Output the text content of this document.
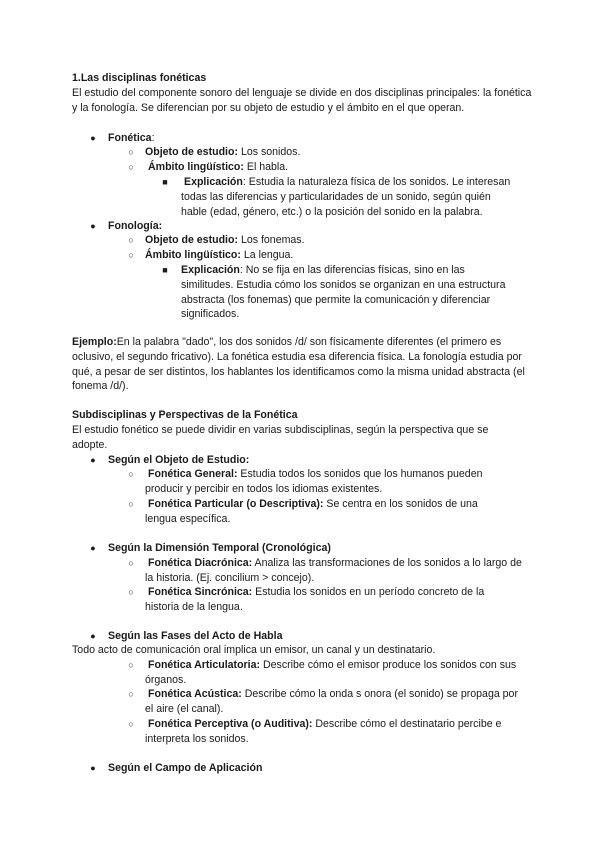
1.Las disciplinas fonéticas
El estudio del componente sonoro del lenguaje se divide en dos disciplinas principales: la fonética y la fonología. Se diferencian por su objeto de estudio y el ámbito en el que operan.
● Fonética:
○ Objeto de estudio: Los sonidos.
○ Ámbito lingüístico: El habla.
■ Explicación: Estudia la naturaleza física de los sonidos. Le interesan todas las diferencias y particularidades de un sonido, según quién hable (edad, género, etc.) o la posición del sonido en la palabra.
● Fonología:
○ Objeto de estudio: Los fonemas.
○ Ámbito lingüístico: La lengua.
■ Explicación: No se fija en las diferencias físicas, sino en las similitudes. Estudia cómo los sonidos se organizan en una estructura abstracta (los fonemas) que permite la comunicación y diferenciar significados.
Ejemplo:En la palabra "dado", los dos sonidos /d/ son físicamente diferentes (el primero es oclusivo, el segundo fricativo). La fonética estudia esa diferencia física. La fonología estudia por qué, a pesar de ser distintos, los hablantes los identificamos como la misma unidad abstracta (el fonema /d/).
Subdisciplinas y Perspectivas de la Fonética
El estudio fonético se puede dividir en varias subdisciplinas, según la perspectiva que se adopte.
● Según el Objeto de Estudio:
○ Fonética General: Estudia todos los sonidos que los humanos pueden producir y percibir en todos los idiomas existentes.
○ Fonética Particular (o Descriptiva): Se centra en los sonidos de una lengua específica.
● Según la Dimensión Temporal (Cronológica)
○ Fonética Diacrónica: Analiza las transformaciones de los sonidos a lo largo de la historia. (Ej. concilium > concejo).
○ Fonética Sincrónica: Estudia los sonidos en un período concreto de la historia de la lengua.
● Según las Fases del Acto de Habla
Todo acto de comunicación oral implica un emisor, un canal y un destinatario.
○ Fonética Articulatoria: Describe cómo el emisor produce los sonidos con sus órganos.
○ Fonética Acústica: Describe cómo la onda s onora (el sonido) se propaga por el aire (el canal).
○ Fonética Perceptiva (o Auditiva): Describe cómo el destinatario percibe e interpreta los sonidos.
● Según el Campo de Aplicación
